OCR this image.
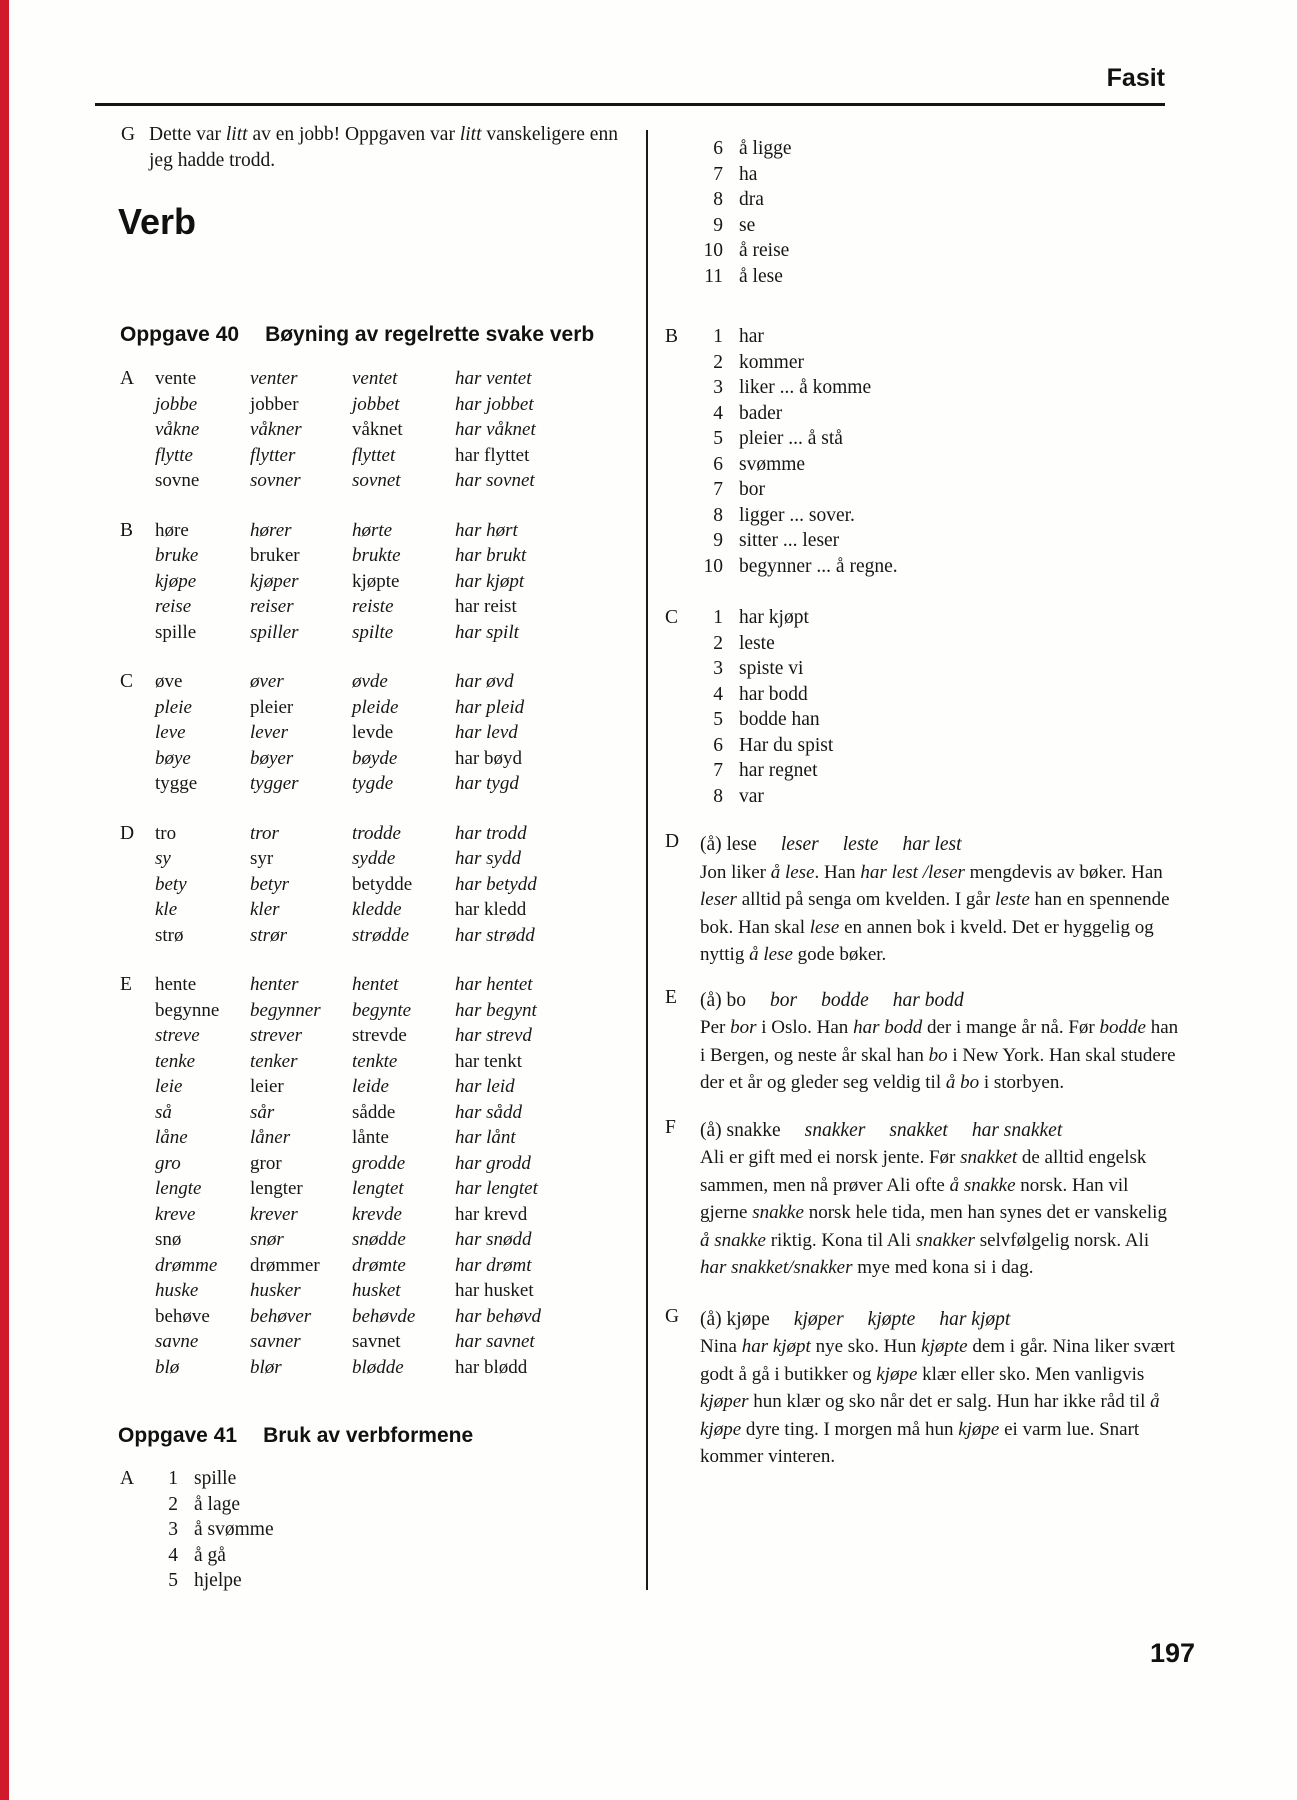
Fasit
G Dette var litt av en jobb! Oppgaven var litt vanskeligere enn jeg hadde trodd.
Verb
Oppgave 40 Bøyning av regelrette svake verb
A	vente	venter	ventet	har ventet
jobbe	jobber	jobbet	har jobbet
våkne	våkner	våknet	har våknet
flytte	flytter	flyttet	har flyttet
sovne	sovner	sovnet	har sovnet
B	høre	hører	hørte	har hørt
bruke	bruker	brukte	har brukt
kjøpe	kjøper	kjøpte	har kjøpt
reise	reiser	reiste	har reist
spille	spiller	spilte	har spilt
C	øve	øver	øvde	har øvd
pleie	pleier	pleide	har pleid
leve	lever	levde	har levd
bøye	bøyer	bøyde	har bøyd
tygge	tygger	tygde	har tygd
D	tro	tror	trodde	har trodd
sy	syr	sydde	har sydd
bety	betyr	betydde	har betydd
kle	kler	kledde	har kledd
strø	strør	strødde	har strødd
E	hente	henter	hentet	har hentet
begynne	begynner	begynte	har begynt
streve	strever	strevde	har strevd
tenke	tenker	tenkte	har tenkt
leie	leier	leide	har leid
så	sår	sådde	har sådd
låne	låner	lånte	har lånt
gro	gror	grodde	har grodd
lengte	lengter	lengtet	har lengtet
kreve	krever	krevde	har krevd
snø	snør	snødde	har snødd
drømme	drømmer	drømte	har drømt
huske	husker	husket	har husket
behøve	behøver	behøvde	har behøvd
savne	savner	savnet	har savnet
blø	blør	blødde	har blødd
Oppgave 41 Bruk av verbformene
A	1 spille
2 å lage
3 å svømme
4 å gå
5 hjelpe
6 å ligge
7 ha
8 dra
9 se
10 å reise
11 å lese
B	1 har
2 kommer
3 liker ... å komme
4 bader
5 pleier ... å stå
6 svømme
7 bor
8 ligger ... sover.
9 sitter ... leser
10 begynner ... å regne.
C	1 har kjøpt
2 leste
3 spiste vi
4 har bodd
5 bodde han
6 Har du spist
7 har regnet
8 var
D	(å) lese leser leste har lest

Jon liker å lese. Han har lest /leser mengdevis av bøker. Han leser alltid på senga om kvelden. I går leste han en spennende bok. Han skal lese en annen bok i kveld. Det er hyggelig og nyttig å lese gode bøker.

E	(å) bo bor bodde har bodd

Per bor i Oslo. Han har bodd der i mange år nå. Før bodde han i Bergen, og neste år skal han bo i New York. Han skal studere der et år og gleder seg veldig til å bo i storbyen.

F	(å) snakke snakker snakket har snakket

Ali er gift med ei norsk jente. Før snakket de alltid engelsk sammen, men nå prøver Ali ofte å snakke norsk. Han vil gjerne snakke norsk hele tida, men han synes det er vanskelig å snakke riktig. Kona til Ali snakker selvfølgelig norsk. Ali har snakket/snakker mye med kona si i dag.

G	(å) kjøpe kjøper kjøpte har kjøpt

Nina har kjøpt nye sko. Hun kjøpte dem i går. Nina liker svært godt å gå i butikker og kjøpe klær eller sko. Men vanligvis kjøper hun klær og sko når det er salg. Hun har ikke råd til å kjøpe dyre ting. I morgen må hun kjøpe ei varm lue. Snart kommer vinteren.

197
